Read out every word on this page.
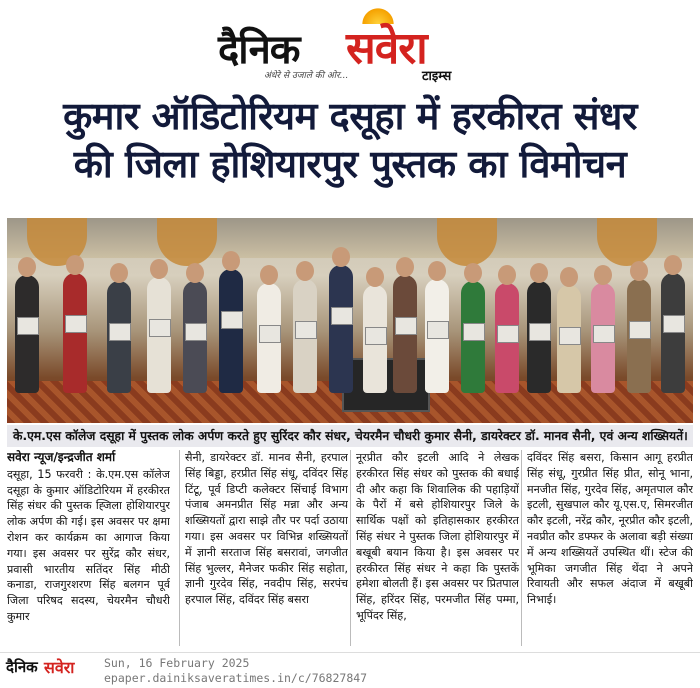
दैनिक सवेरा
अंधेरे से उजाले की ओर...	टाइम्स
कुमार ऑडिटोरियम दसूहा में हरकीरत संधर
की जिला होशियारपुर पुस्तक का विमोचन
के.एम.एस कॉलेज दसूहा में पुस्तक लोक अर्पण करते हुए सुरिंदर कौर संधर, चेयरमैन चौधरी कुमार सैनी, डायरेक्टर डॉ. मानव सैनी, एवं अन्य शख्सियतें।
सवेरा न्यूज/इन्द्रजीत शर्मा
दसूहा, 15 फरवरी : के.एम.एस कॉलेज दसूहा के कुमार ऑडिटोरियम में हरकीरत सिंह संधर की पुस्तक ह्जिला होशियारपुर लोक अर्पण की गई। इस अवसर पर क्षमा रोशन कर कार्यक्रम का आगाज किया गया। इस अवसर पर सुरेंद्र कौर संधर, प्रवासी भारतीय सतिंदर सिंह मीठी कनाडा, राजगुरशरण सिंह बलगन पूर्व जिला परिषद सदस्य, चेयरमैन चौधरी कुमार
सैनी, डायरेक्टर डॉ. मानव सैनी, हरपाल सिंह बिड्डा, हरप्रीत सिंह संधू, दविंदर सिंह टिंटू, पूर्व डिप्टी कलेक्टर सिंचाई विभाग पंजाब अमनप्रीत सिंह मन्ना और अन्य शख्सियतों द्वारा साझे तौर पर पर्दा उठाया गया। इस अवसर पर विभिन्न शख्सियतों में ज्ञानी सरताज सिंह बसरावां, जगजीत सिंह भुल्लर, मैनेजर फकीर सिंह सहोता, ज्ञानी गुरदेव सिंह, नवदीप सिंह, सरपंच हरपाल सिंह, दविंदर सिंह बसरा
नूरप्रीत कौर इटली आदि ने लेखक हरकीरत सिंह संधर को पुस्तक की बधाई दी और कहा कि शिवालिक की पहाड़ियों के पैरों में बसे होशियारपुर जिले के सार्थिक पक्षों को इतिहासकार हरकीरत सिंह संधर ने पुस्तक जिला होशियारपुर में बखूबी बयान किया है। इस अवसर पर हरकीरत सिंह संधर ने कहा कि पुस्तकें हमेशा बोलती हैं। इस अवसर पर प्रितपाल सिंह, हरिंदर सिंह, परमजीत सिंह पम्मा, भूपिंदर सिंह,
दविंदर सिंह बसरा, किसान आगू हरप्रीत सिंह संधू, गुरप्रीत सिंह प्रीत, सोनू भाना, मनजीत सिंह, गुरदेव सिंह, अमृतपाल कौर इटली, सुखपाल कौर यू.एस.ए, सिमरजीत कौर इटली, नरेंद्र कौर, नूरप्रीत कौर इटली, नवप्रीत कौर डफ्फर के अलावा बड़ी संख्या में अन्य शख्सियतें उपस्थित थीं। स्टेज की भूमिका जगजीत सिंह थेंदा ने अपने रिवायती और सफल अंदाज में बखूबी निभाई।
दैनिक सवेरा	Sun, 16 February 2025
epaper.dainiksaveratimes.in/c/76827847
